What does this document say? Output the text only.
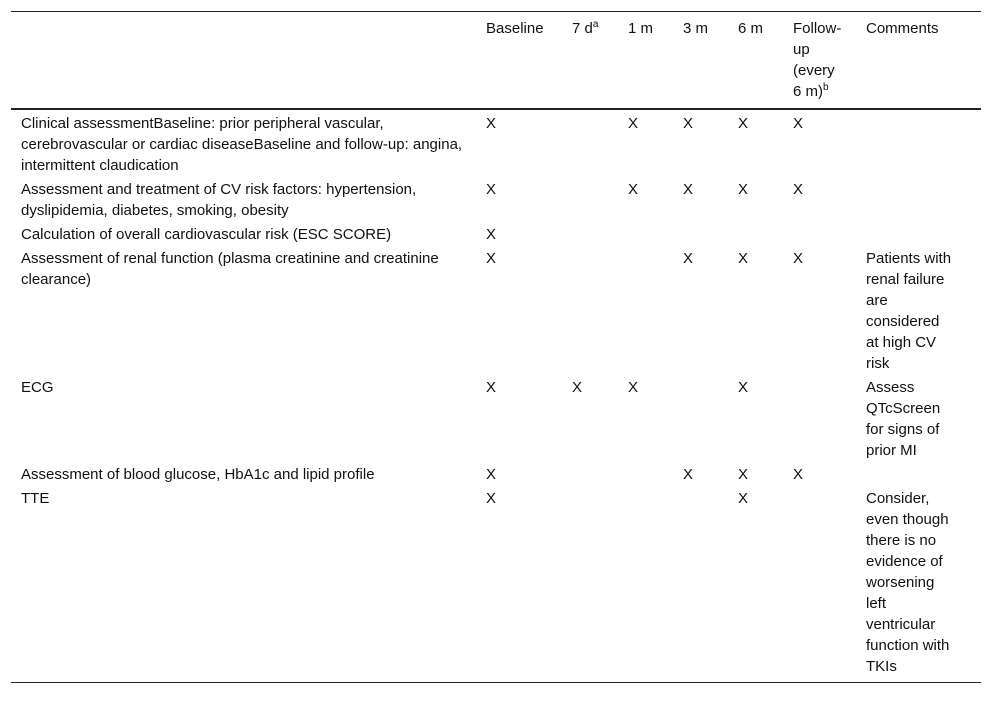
	Baseline	7 $d^a$	1 m	3 m	6 m	Follow-up (every 6 m)$^b$	Comments
Clinical assessmentBaseline: prior peripheral vascular, cerebrovascular or cardiac diseaseBaseline and follow-up: angina, intermittent claudication	X		X	X	X	X	

Assessment and treatment of CV risk factors: hypertension, dyslipidemia, diabetes, smoking, obesity	X		X	X	X	X	

Calculation of overall cardiovascular risk (ESC SCORE)	X						

Assessment of renal function (plasma creatinine and creatinine clearance)	X			X	X	X	Patients with renal failure are considered at high CV risk

ECG	X	X	X		X		Assess QTcScreen for signs of prior MI

Assessment of blood glucose, HbA1c and lipid profile	X			X	X	X	

TTE	X				X		Consider, even though there is no evidence of worsening left ventricular function with TKIs
